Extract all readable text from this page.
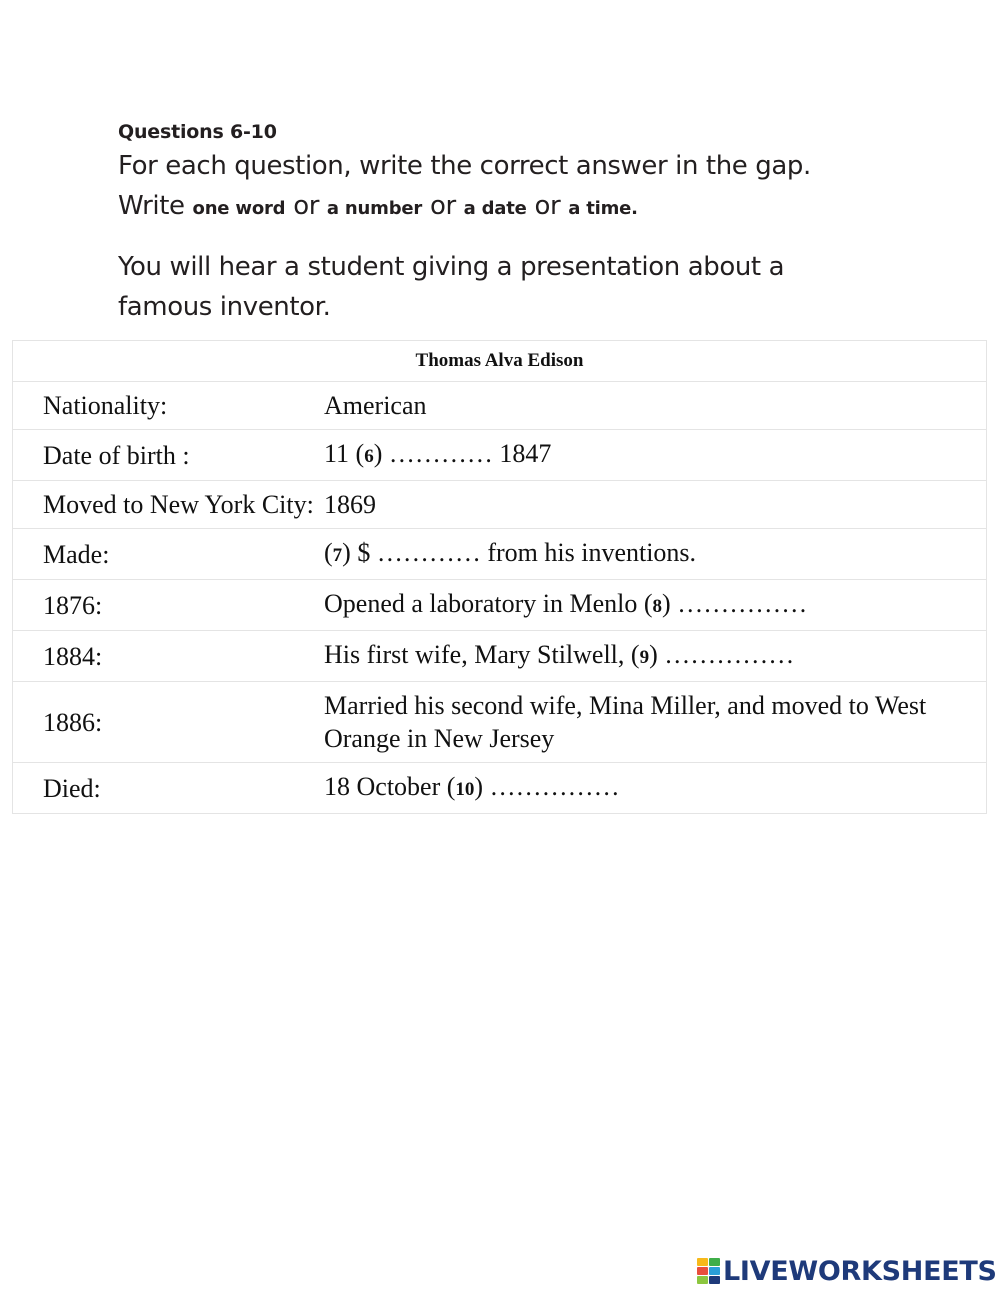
Questions 6-10
For each question, write the correct answer in the gap.
Write one word or a number or a date or a time.
You will hear a student giving a presentation about a famous inventor.
Thomas Alva Edison	
Nationality:	American
Date of birth :	11 (6) ………… 1847
Moved to New York City:	1869
Made:	(7) $ ………… from his inventions.
1876:	Opened a laboratory in Menlo (8) ……………
1884:	His first wife, Mary Stilwell, (9) ……………
1886:	Married his second wife, Mina Miller, and moved to West Orange in New Jersey
Died:	18 October (10) ……………
LIVEWORKSHEETS
